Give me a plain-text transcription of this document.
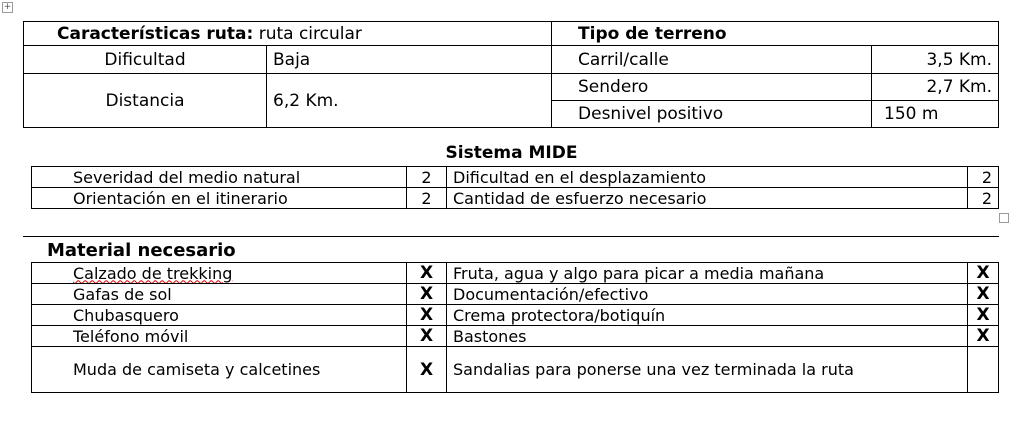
+
Características ruta: ruta circular		Tipo de terreno	
Dificultad	Baja	Carril/calle	3,5 Km.
Distancia	6,2 Km.	Sendero	2,7 Km.
		Desnivel positivo	150 m
Sistema MIDE
Severidad del medio natural	2	Dificultad en el desplazamiento	2
Orientación en el itinerario	2	Cantidad de esfuerzo necesario	2
Material necesario
Calzado de trekking	X	Fruta, agua y algo para picar a media mañana	X
Gafas de sol	X	Documentación/efectivo	X
Chubasquero	X	Crema protectora/botiquín	X
Teléfono móvil	X	Bastones	X
Muda de camiseta y calcetines	X	Sandalias para ponerse una vez terminada la ruta	
